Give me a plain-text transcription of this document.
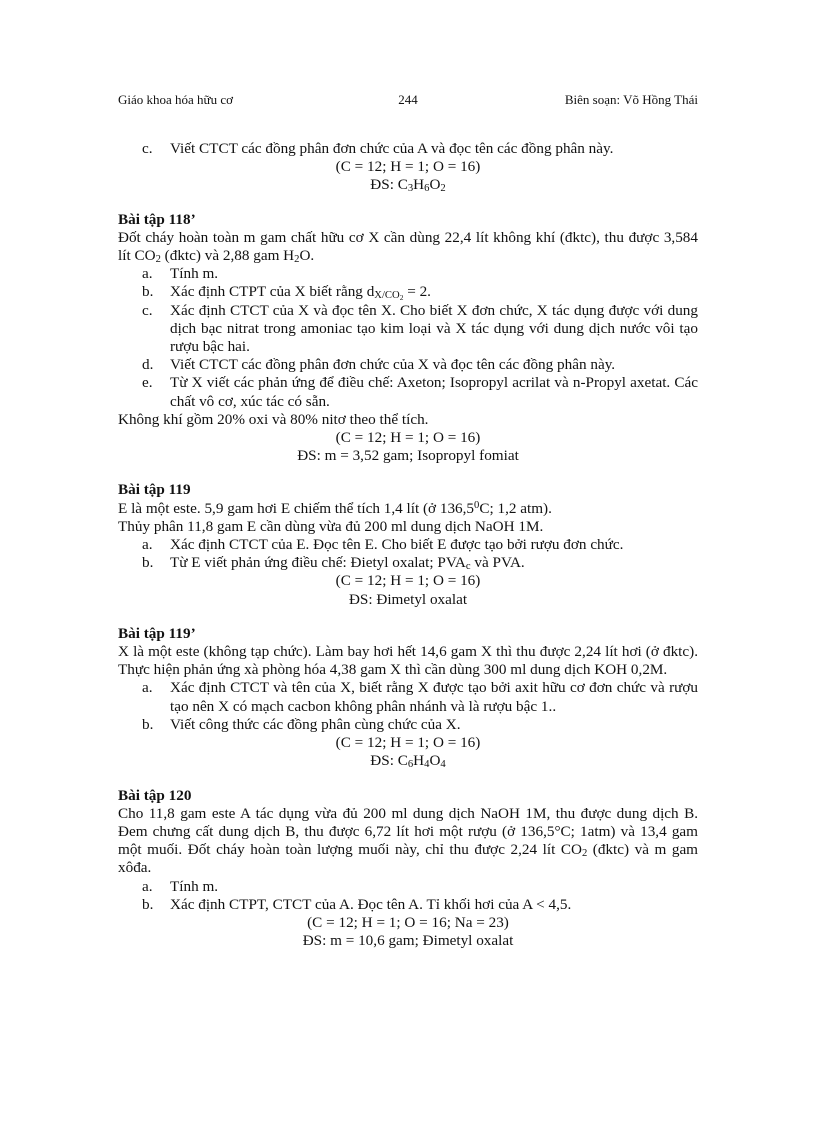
Giáo khoa hóa hữu cơ	244	Biên soạn: Võ Hồng Thái
c.	Viết CTCT các đồng phân đơn chức của A và đọc tên các đồng phân này.

(C = 12; H = 1; O = 16)

ĐS: $C_3H_6O_2$

Bài tập 118’

Đốt cháy hoàn toàn m gam chất hữu cơ X cần dùng 22,4 lít không khí (đktc), thu được 3,584 lít $CO_2$ (đktc) và 2,88 gam $H_2O$.

a.	Tính m.
b.	Xác định CTPT của X biết rằng $d_{X/CO_2} = 2$.
c.	Xác định CTCT của X và đọc tên X. Cho biết X đơn chức, X tác dụng được với dung dịch bạc nitrat trong amoniac tạo kim loại và X tác dụng với dung dịch nước vôi tạo rượu bậc hai.
d.	Viết CTCT các đồng phân đơn chức của X và đọc tên các đồng phân này.
e.	Từ X viết các phản ứng để điều chế: Axeton; Isopropyl acrilat và n-Propyl axetat. Các chất vô cơ, xúc tác có sẵn.

Không khí gồm 20% oxi và 80% nitơ theo thể tích.

(C = 12; H = 1; O = 16)

ĐS: m = 3,52 gam; Isopropyl fomiat

Bài tập 119

E là một este. 5,9 gam hơi E chiếm thể tích 1,4 lít (ở 136,5$^0$C; 1,2 atm).

Thủy phân 11,8 gam E cần dùng vừa đủ 200 ml dung dịch NaOH 1M.

a.	Xác định CTCT của E. Đọc tên E. Cho biết E được tạo bởi rượu đơn chức.
b.	Từ E viết phản ứng điều chế: Đietyl oxalat; $PVA_c$ và PVA.

(C = 12; H = 1; O = 16)

ĐS: Đimetyl oxalat

Bài tập 119’

X là một este (không tạp chức). Làm bay hơi hết 14,6 gam X thì thu được 2,24 lít hơi (ở đktc). Thực hiện phản ứng xà phòng hóa 4,38 gam X thì cần dùng 300 ml dung dịch KOH 0,2M.

a.	Xác định CTCT và tên của X, biết rằng X được tạo bởi axit hữu cơ đơn chức và rượu tạo nên X có mạch cacbon không phân nhánh và là rượu bậc 1..
b.	Viết công thức các đồng phân cùng chức của X.

(C = 12; H = 1; O = 16)

ĐS: $C_6H_4O_4$

Bài tập 120

Cho 11,8 gam este A tác dụng vừa đủ 200 ml dung dịch NaOH 1M, thu được dung dịch B. Đem chưng cất dung dịch B, thu được 6,72 lít hơi một rượu (ở 136,5°C; 1atm) và 13,4 gam một muối. Đốt cháy hoàn toàn lượng muối này, chỉ thu được 2,24 lít $CO_2$ (đktc) và m gam xôđa.

a.	Tính m.
b.	Xác định CTPT, CTCT của A. Đọc tên A. Tỉ khối hơi của A < 4,5.

(C = 12; H = 1; O = 16; Na = 23)

ĐS: m = 10,6 gam; Đimetyl oxalat
